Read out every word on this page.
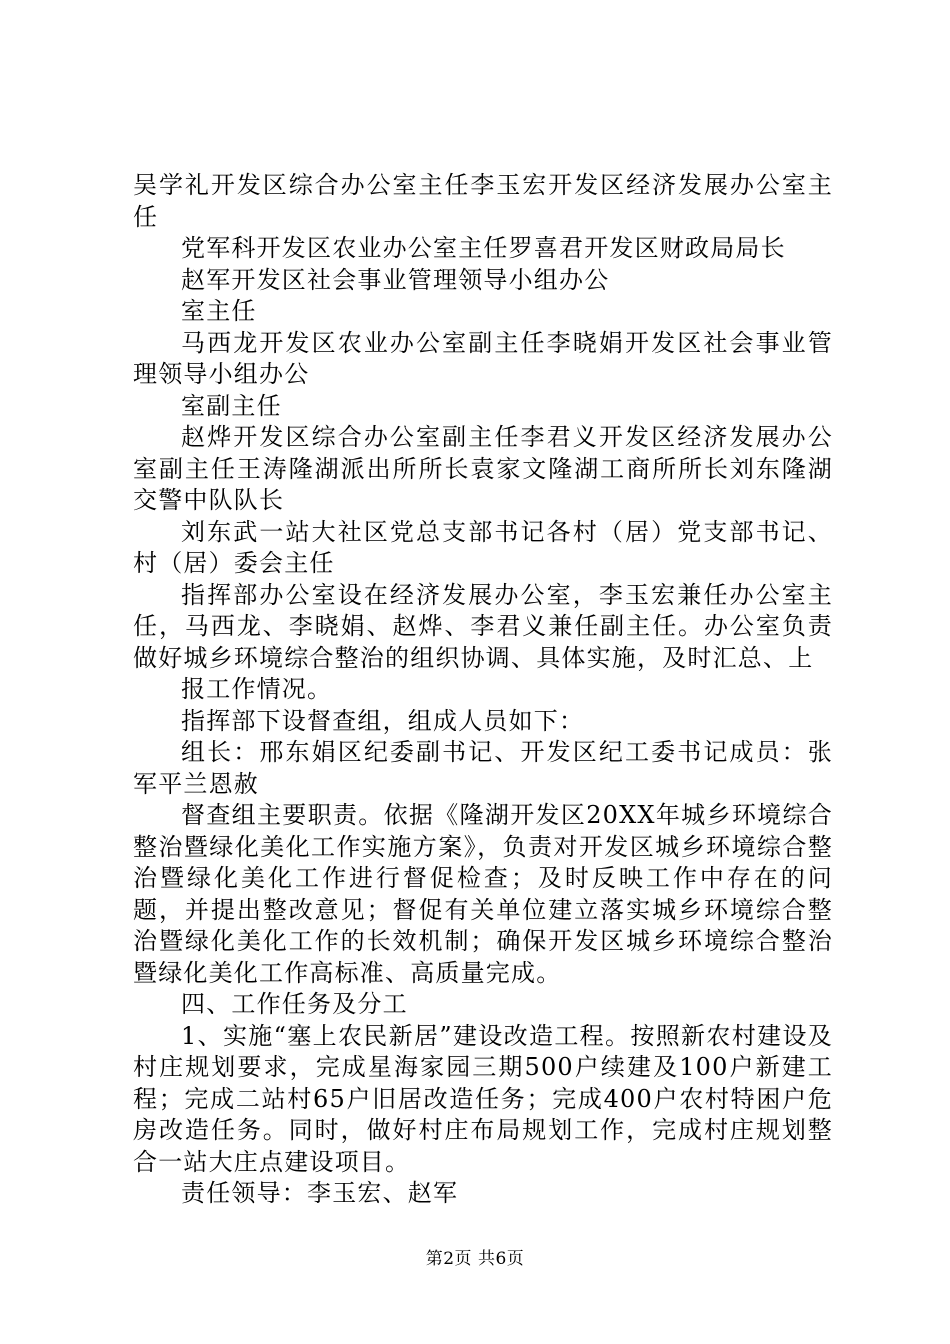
吴学礼开发区综合办公室主任李玉宏开发区经济发展办公室主任

党军科开发区农业办公室主任罗喜君开发区财政局局长

赵军开发区社会事业管理领导小组办公

室主任

马西龙开发区农业办公室副主任李晓娟开发区社会事业管理领导小组办公

室副主任

赵烨开发区综合办公室副主任李君义开发区经济发展办公室副主任王涛隆湖派出所所长袁家文隆湖工商所所长刘东隆湖交警中队队长

刘东武一站大社区党总支部书记各村（居）党支部书记、村（居）委会主任

指挥部办公室设在经济发展办公室，李玉宏兼任办公室主任，马西龙、李晓娟、赵烨、李君义兼任副主任。办公室负责做好城乡环境综合整治的组织协调、具体实施，及时汇总、上

报工作情况。

指挥部下设督查组，组成人员如下：

组长：邢东娟区纪委副书记、开发区纪工委书记成员：张军平兰恩赦

督查组主要职责。依据《隆湖开发区20XX年城乡环境综合整治暨绿化美化工作实施方案》，负责对开发区城乡环境综合整治暨绿化美化工作进行督促检查；及时反映工作中存在的问题，并提出整改意见；督促有关单位建立落实城乡环境综合整治暨绿化美化工作的长效机制；确保开发区城乡环境综合整治暨绿化美化工作高标准、高质量完成。

四、工作任务及分工

1、实施“塞上农民新居”建设改造工程。按照新农村建设及村庄规划要求，完成星海家园三期500户续建及100户新建工程；完成二站村65户旧居改造任务；完成400户农村特困户危房改造任务。同时，做好村庄布局规划工作，完成村庄规划整合一站大庄点建设项目。

责任领导：李玉宏、赵军

第2页 共6页
